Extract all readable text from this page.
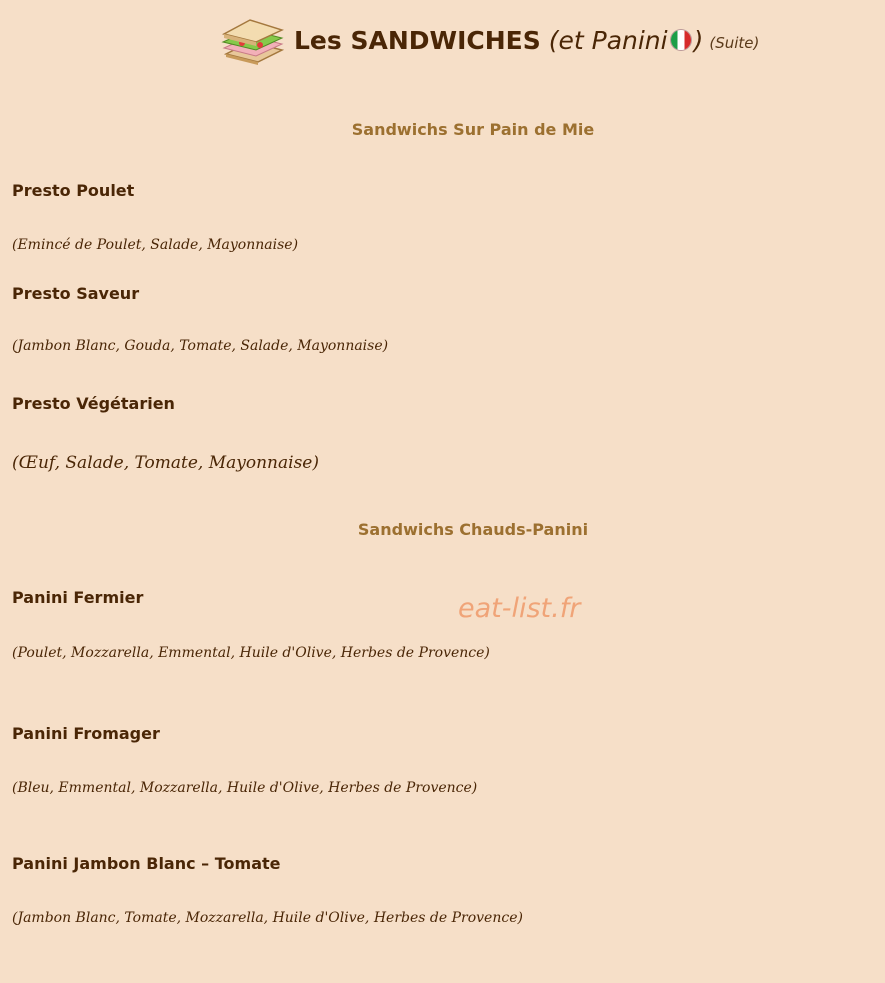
Les SANDWICHES (et Panini ) (Suite)
Sandwichs Sur Pain de Mie
Presto Poulet
(Emincé de Poulet, Salade, Mayonnaise)
Presto Saveur
(Jambon Blanc, Gouda, Tomate, Salade, Mayonnaise)
Presto Végétarien
(Œuf, Salade, Tomate, Mayonnaise)
Sandwichs Chauds-Panini
Panini Fermier
(Poulet, Mozzarella, Emmental, Huile d'Olive, Herbes de Provence)
Panini Fromager
(Bleu, Emmental, Mozzarella, Huile d'Olive, Herbes de Provence)
Panini Jambon Blanc – Tomate
(Jambon Blanc, Tomate, Mozzarella, Huile d'Olive, Herbes de Provence)
eat-list.fr
